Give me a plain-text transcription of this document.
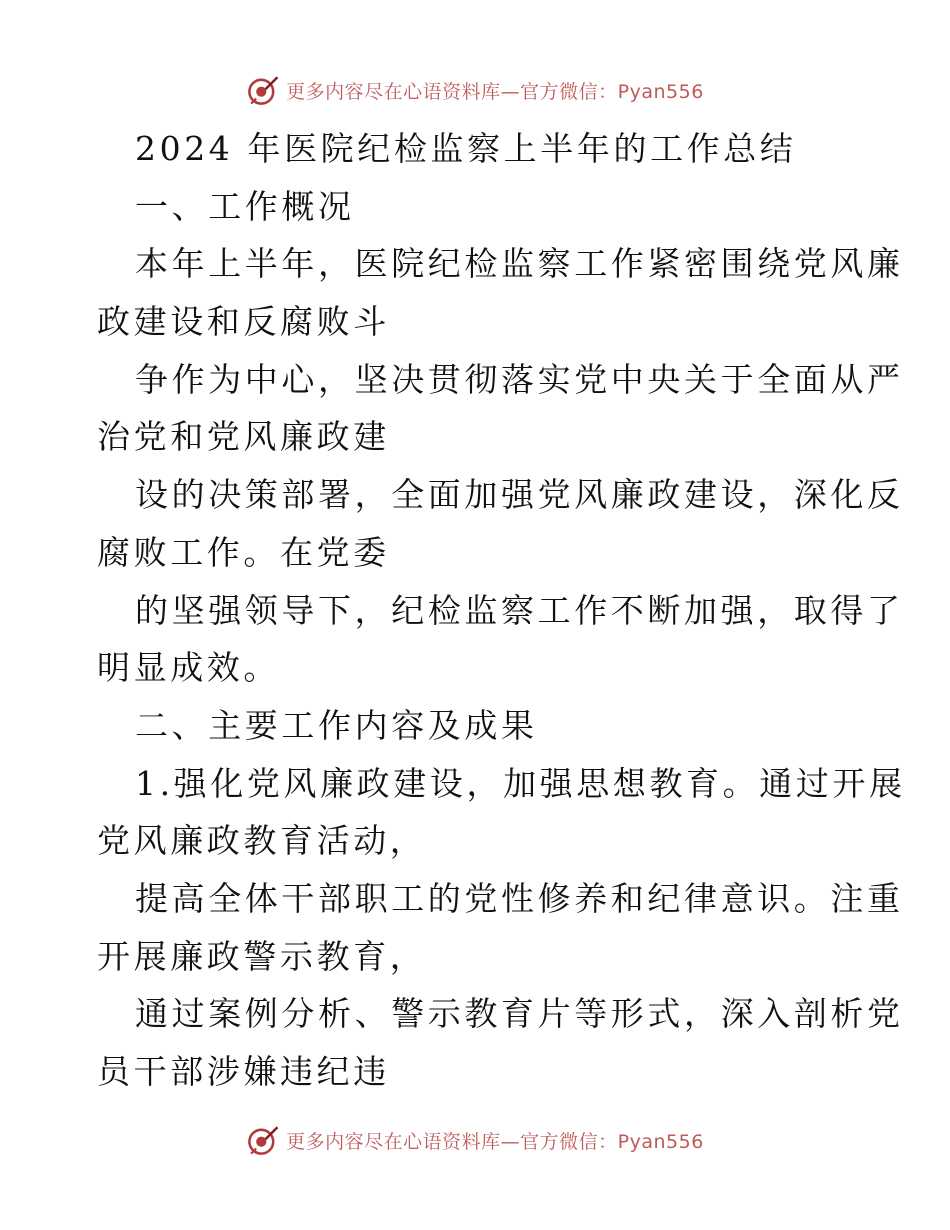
更多内容尽在心语资料库—官方微信：Pyan556
2024 年医院纪检监察上半年的工作总结
一、工作概况
本年上半年，医院纪检监察工作紧密围绕党风廉
政建设和反腐败斗
争作为中心，坚决贯彻落实党中央关于全面从严
治党和党风廉政建
设的决策部署，全面加强党风廉政建设，深化反
腐败工作。在党委
的坚强领导下，纪检监察工作不断加强，取得了
明显成效。
二、主要工作内容及成果
1.强化党风廉政建设，加强思想教育。通过开展
党风廉政教育活动，
提高全体干部职工的党性修养和纪律意识。注重
开展廉政警示教育，
通过案例分析、警示教育片等形式，深入剖析党
员干部涉嫌违纪违
更多内容尽在心语资料库—官方微信：Pyan556
